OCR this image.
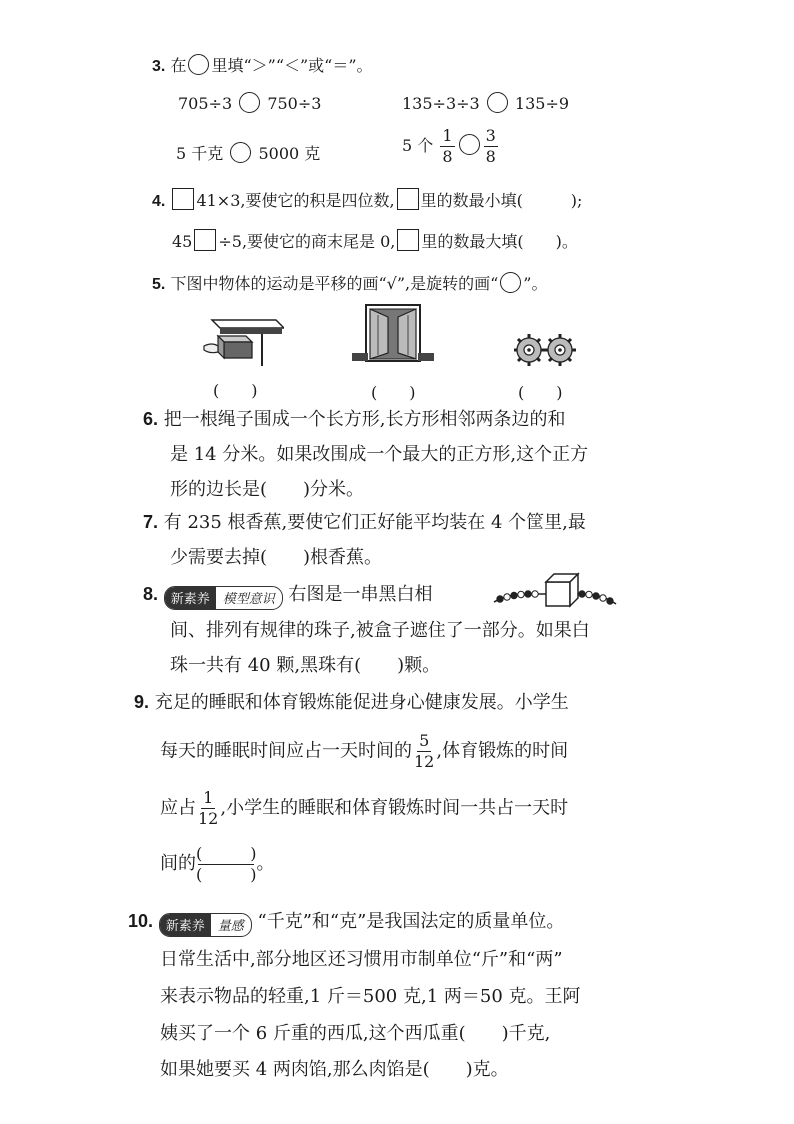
3. 在 里填“＞”“＜”或“＝”。
705÷3 750÷3	135÷3÷3 135÷9
5 千克 5000 克	5 个 $\frac{1}{8} \frac{3}{8}$
4. 41×3,要使它的积是四位数, 里的数最小填(　　　);
45 ÷5,要使它的商末尾是 0, 里的数最大填(　　)。
5. 下图中物体的运动是平移的画“√”,是旋转的画“ ”。
(　　)	(　　)	(　　)
6. 把一根绳子围成一个长方形,长方形相邻两条边的和
是 14 分米。如果改围成一个最大的正方形,这个正方
形的边长是(　　)分米。
7. 有 235 根香蕉,要使它们正好能平均装在 4 个筐里,最
少需要去掉(　　)根香蕉。
8. 新素养	模型意识 右图是一串黑白相
间、排列有规律的珠子,被盒子遮住了一部分。如果白
珠一共有 40 颗,黑珠有(　　)颗。
9. 充足的睡眠和体育锻炼能促进身心健康发展。小学生
每天的睡眠时间应占一天时间的 $\frac{5}{12}$ ,体育锻炼的时间
应占 $\frac{1}{12}$ ,小学生的睡眠和体育锻炼时间一共占一天时
间的 $\frac{( )}{( )}$ 。
10. 新素养	量感 “千克”和“克”是我国法定的质量单位。
日常生活中,部分地区还习惯用市制单位“斤”和“两”
来表示物品的轻重,1 斤＝500 克,1 两＝50 克。王阿
姨买了一个 6 斤重的西瓜,这个西瓜重(　　)千克,
如果她要买 4 两肉馅,那么肉馅是(　　)克。
